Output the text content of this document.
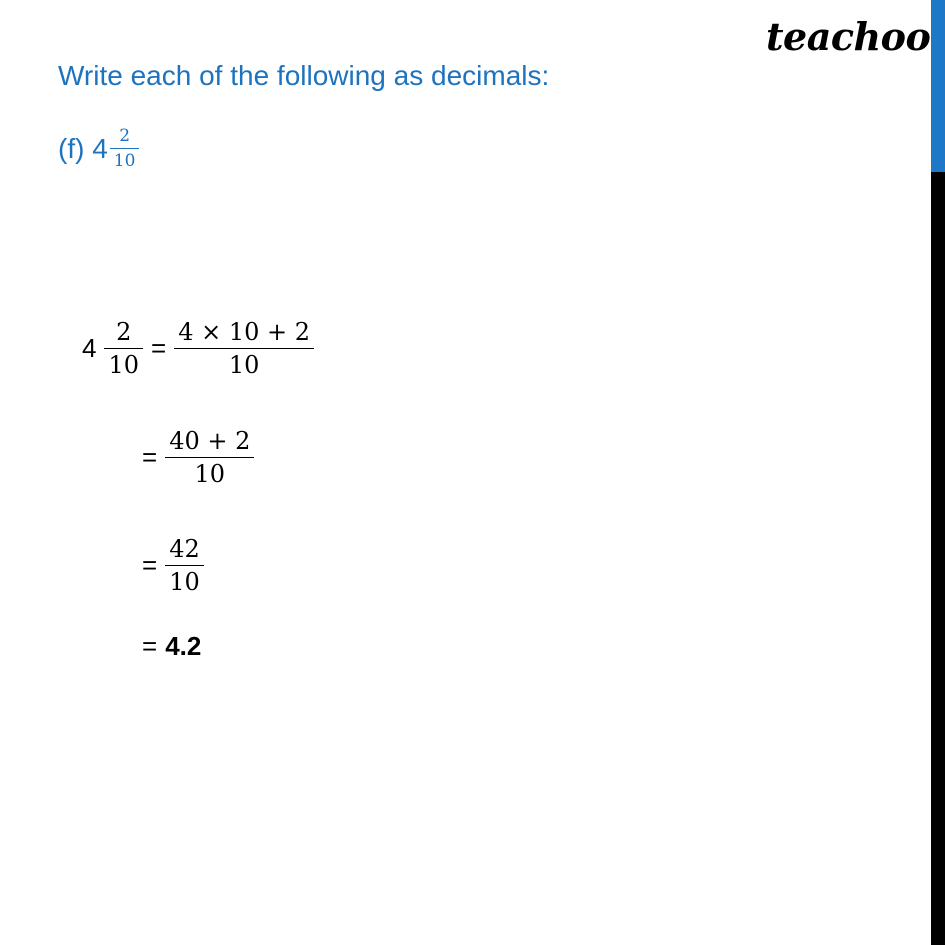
teachoo
Write each of the following as decimals:
(f) $4 \frac{2}{10}$
$4 \frac{2}{10} = \frac{4 \times 10 + 2}{10}$
= $\frac{40 + 2}{10}$
= $\frac{42}{10}$
= 4.2
